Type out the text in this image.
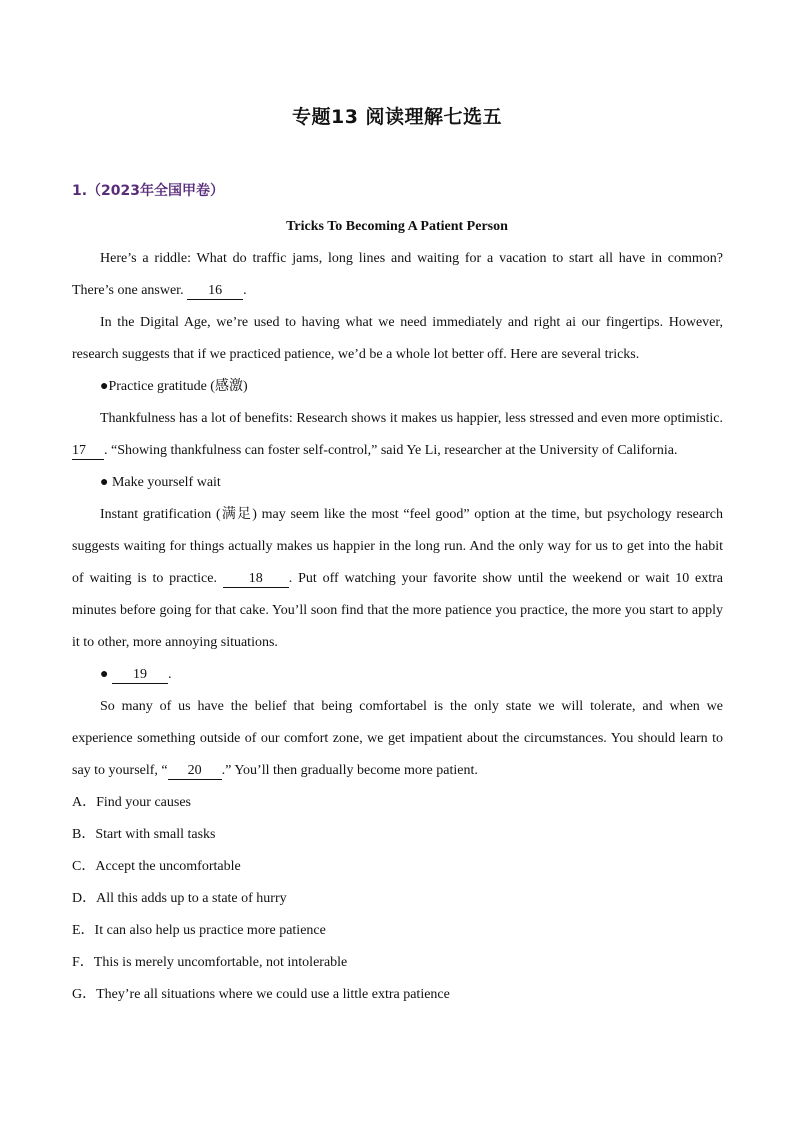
专题13 阅读理解七选五
1.（2023年全国甲卷）
Tricks To Becoming A Patient Person

Here’s a riddle: What do traffic jams, long lines and waiting for a vacation to start all have in common? There’s one answer. 16 .

In the Digital Age, we’re used to having what we need immediately and right ai our fingertips. However, research suggests that if we practiced patience, we’d be a whole lot better off. Here are several tricks.

●Practice gratitude (感激)

Thankfulness has a lot of benefits: Research shows it makes us happier, less stressed and even more optimistic. 17 . “Showing thankfulness can foster self-control,” said Ye Li, researcher at the University of California.

● Make yourself wait

Instant gratification (满足) may seem like the most “feel good” option at the time, but psychology research suggests waiting for things actually makes us happier in the long run. And the only way for us to get into the habit of waiting is to practice. 18 . Put off watching your favorite show until the weekend or wait 10 extra minutes before going for that cake. You’ll soon find that the more patience you practice, the more you start to apply it to other, more annoying situations.

● 19 .

So many of us have the belief that being comfortabel is the only state we will tolerate, and when we experience something outside of our comfort zone, we get impatient about the circumstances. You should learn to say to yourself, “ 20 .” You’ll then gradually become more patient.

A．Find your causes

B．Start with small tasks

C．Accept the uncomfortable

D．All this adds up to a state of hurry

E．It can also help us practice more patience

F．This is merely uncomfortable, not intolerable

G．They’re all situations where we could use a little extra patience
